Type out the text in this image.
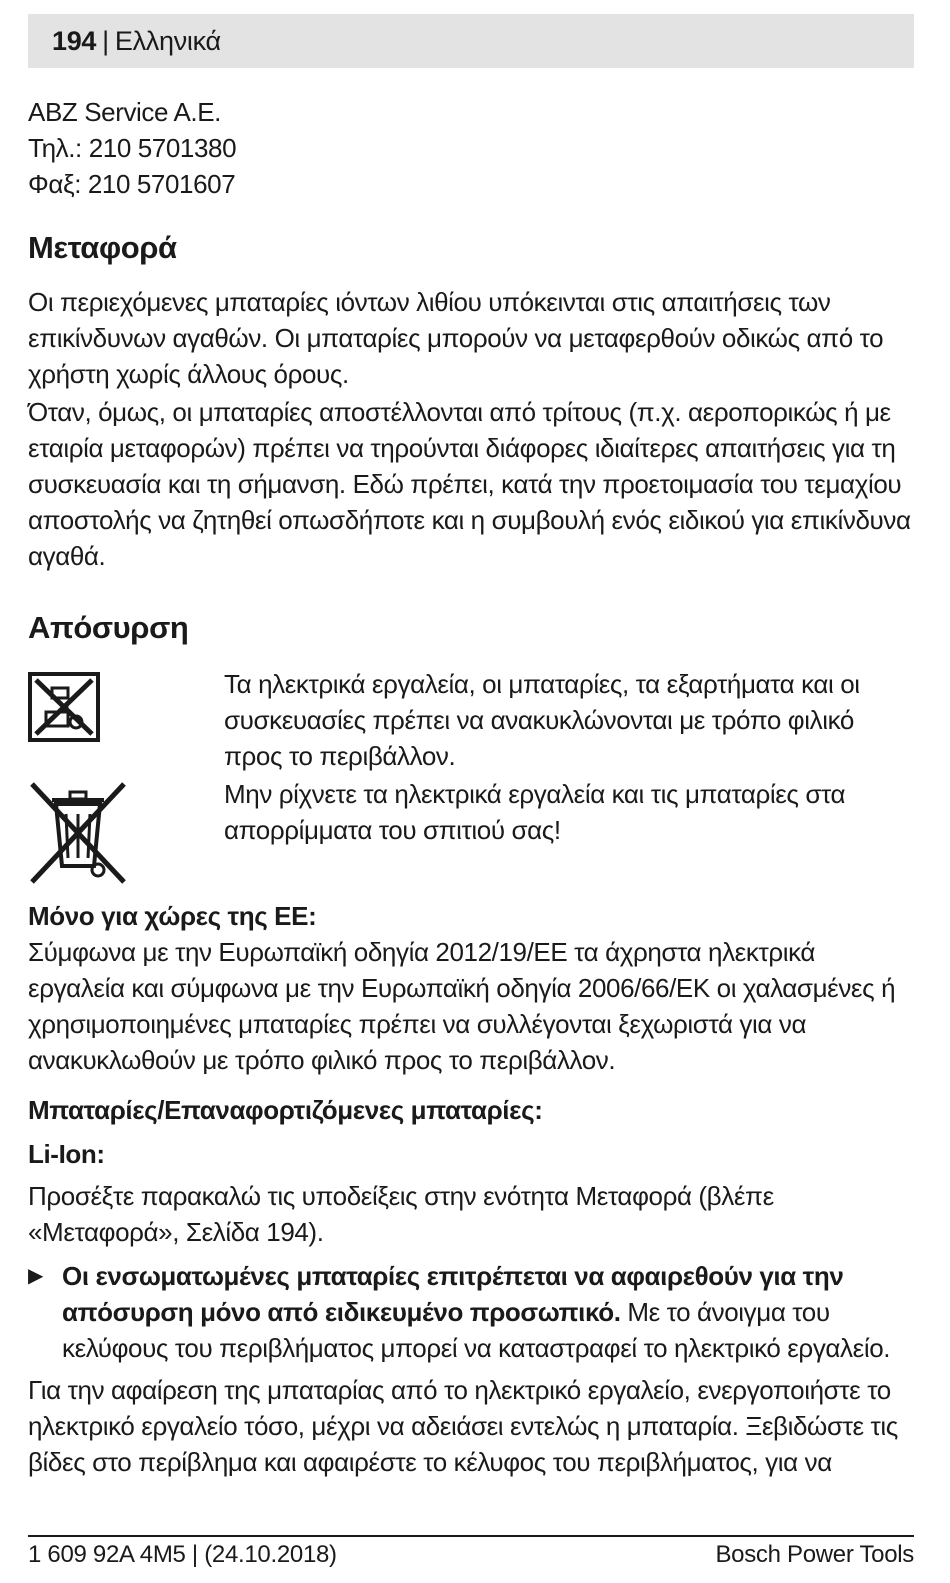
194 | Ελληνικά

ABZ Service A.E.

Τηλ.: 210 5701380

Φαξ: 210 5701607

Μεταφορά

Οι περιεχόμενες μπαταρίες ιόντων λιθίου υπόκεινται στις απαιτήσεις των επικίνδυνων αγαθών. Οι μπαταρίες μπορούν να μεταφερθούν οδικώς από το χρήστη χωρίς άλλους όρους.

Όταν, όμως, οι μπαταρίες αποστέλλονται από τρίτους (π.χ. αεροπορικώς ή με εταιρία μεταφορών) πρέπει να τηρούνται διάφορες ιδιαίτερες απαιτήσεις για τη συσκευασία και τη σήμανση. Εδώ πρέπει, κατά την προετοιμασία του τεμαχίου αποστολής να ζητηθεί οπωσδήποτε και η συμβουλή ενός ειδικού για επικίνδυνα αγαθά.

Απόσυρση

Τα ηλεκτρικά εργαλεία, οι μπαταρίες, τα εξαρτήματα και οι συσκευασίες πρέπει να ανακυκλώνονται με τρόπο φιλικό προς το περιβάλλον.

Μην ρίχνετε τα ηλεκτρικά εργαλεία και τις μπαταρίες στα απορρίμματα του σπιτιού σας!

Μόνο για χώρες της ΕΕ:

Σύμφωνα με την Ευρωπαϊκή οδηγία 2012/19/ΕΕ τα άχρηστα ηλεκτρικά εργαλεία και σύμφωνα με την Ευρωπαϊκή οδηγία 2006/66/ΕΚ οι χαλασμένες ή χρησιμοποιημένες μπαταρίες πρέπει να συλλέγονται ξεχωριστά για να ανακυκλωθούν με τρόπο φιλικό προς το περιβάλλον.

Μπαταρίες/Επαναφορτιζόμενες μπαταρίες:
Li-Ion:

Προσέξτε παρακαλώ τις υποδείξεις στην ενότητα Μεταφορά (βλέπε «Μεταφορά», Σελίδα 194).

▶ Οι ενσωματωμένες μπαταρίες επιτρέπεται να αφαιρεθούν για την απόσυρση μόνο από ειδικευμένο προσωπικό. Με το άνοιγμα του κελύφους του περιβλήματος μπορεί να καταστραφεί το ηλεκτρικό εργαλείο.

Για την αφαίρεση της μπαταρίας από το ηλεκτρικό εργαλείο, ενεργοποιήστε το ηλεκτρικό εργαλείο τόσο, μέχρι να αδειάσει εντελώς η μπαταρία. Ξεβιδώστε τις βίδες στο περίβλημα και αφαιρέστε το κέλυφος του περιβλήματος, για να

1 609 92A 4M5 | (24.10.2018)	Bosch Power Tools
